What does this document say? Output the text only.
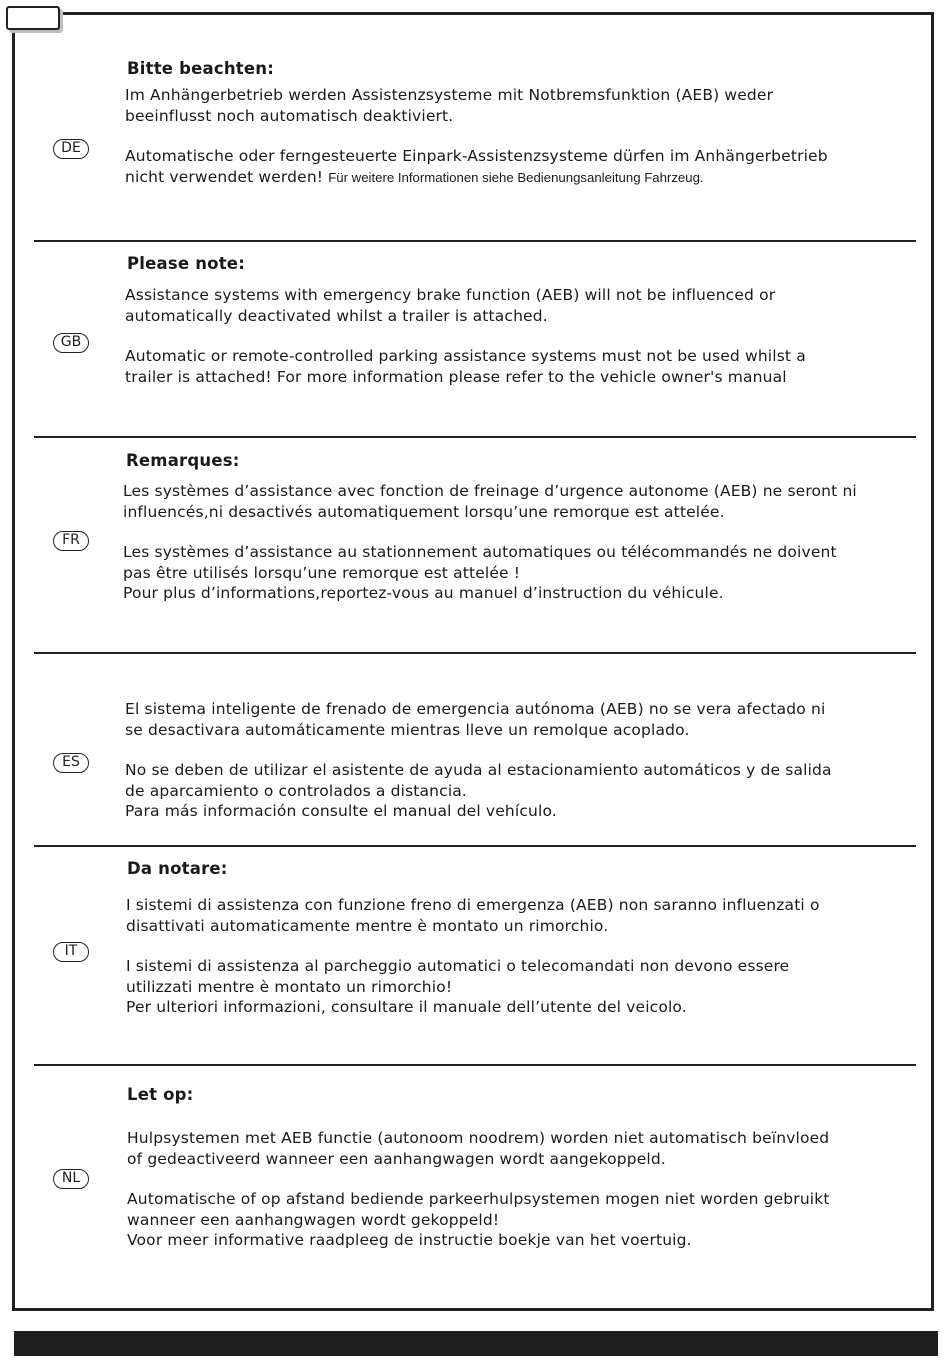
Bitte beachten:
Im Anhängerbetrieb werden Assistenzsysteme mit Notbremsfunktion (AEB) weder
beeinflusst noch automatisch deaktiviert.
DE	Automatische oder ferngesteuerte Einpark-Assistenzsysteme dürfen im Anhängerbetrieb
nicht verwendet werden! Für weitere Informationen siehe Bedienungsanleitung Fahrzeug.
Please note:
Assistance systems with emergency brake function (AEB) will not be influenced or
automatically deactivated whilst a trailer is attached.
GB
Automatic or remote-controlled parking assistance systems must not be used whilst a
trailer is attached! For more information please refer to the vehicle owner's manual
Remarques:
Les systèmes d’assistance avec fonction de freinage d’urgence autonome (AEB) ne seront ni
influencés,ni desactivés automatiquement lorsqu’une remorque est attelée.
FR
Les systèmes d’assistance au stationnement automatiques ou télécommandés ne doivent
pas être utilisés lorsqu’une remorque est attelée !
Pour plus d’informations,reportez-vous au manuel d’instruction du véhicule.
El sistema inteligente de frenado de emergencia autónoma (AEB) no se vera afectado ni
se desactivara automáticamente mientras lleve un remolque acoplado.
ES	No se deben de utilizar el asistente de ayuda al estacionamiento automáticos y de salida
de aparcamiento o controlados a distancia.
Para más información consulte el manual del vehículo.
Da notare:
I sistemi di assistenza con funzione freno di emergenza (AEB) non saranno influenzati o
disattivati automaticamente mentre è montato un rimorchio.
IT
I sistemi di assistenza al parcheggio automatici o telecomandati non devono essere
utilizzati mentre è montato un rimorchio!
Per ulteriori informazioni, consultare il manuale dell’utente del veicolo.
Let op:
Hulpsystemen met AEB functie (autonoom noodrem) worden niet automatisch beïnvloed
of gedeactiveerd wanneer een aanhangwagen wordt aangekoppeld.
NL
Automatische of op afstand bediende parkeerhulpsystemen mogen niet worden gebruikt
wanneer een aanhangwagen wordt gekoppeld!
Voor meer informative raadpleeg de instructie boekje van het voertuig.
